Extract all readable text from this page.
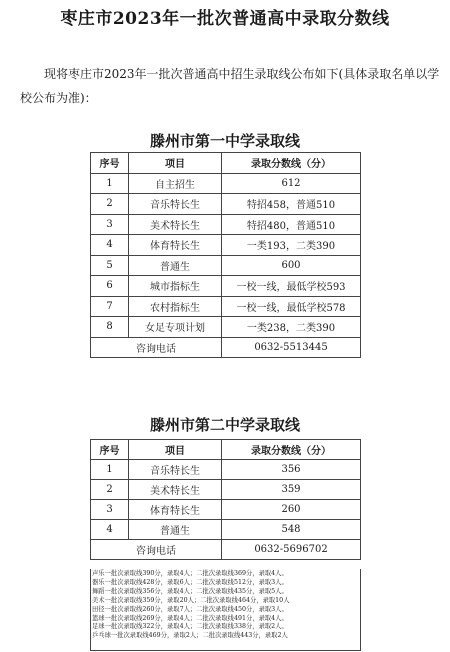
枣庄市2023年一批次普通高中录取分数线
现将枣庄市2023年一批次普通高中招生录取线公布如下(具体录取名单以学校公布为准)：
滕州市第一中学录取线
序号	项目	录取分数线（分）
1	自主招生	612
2	音乐特长生	特招458，普通510
3	美术特长生	特招480，普通510
4	体育特长生	一类193，二类390
5	普通生	600
6	城市指标生	一校一线，最低学校593
7	农村指标生	一校一线，最低学校578
8	女足专项计划	一类238，二类390
咨询电话		0632-5513445
滕州市第二中学录取线
序号	项目	录取分数线（分）
1	音乐特长生	356
2	美术特长生	359
3	体育特长生	260
4	普通生	548
咨询电话		0632-5696702
声乐一批次录取线390分，录取4人；二批次录取线369分，录取4人。
器乐一批次录取线428分，录取6人；二批次录取线512分，录取3人。
舞蹈一批次录取线356分，录取4人；二批次录取线435分，录取5人。
美术一批次录取线359分，录取20人；二批次录取线464分，录取10人
田径一批次录取线260分，录取7人；二批次录取线450分，录取3人。
篮球一批次录取线269分，录取4人；二批次录取线491分，录取4人。
足球一批次录取线322分，录取4人；二批次录取线338分，录取2人。
乒乓球一批次录取线469分，录取2人；二批次录取线443分，录取2人
